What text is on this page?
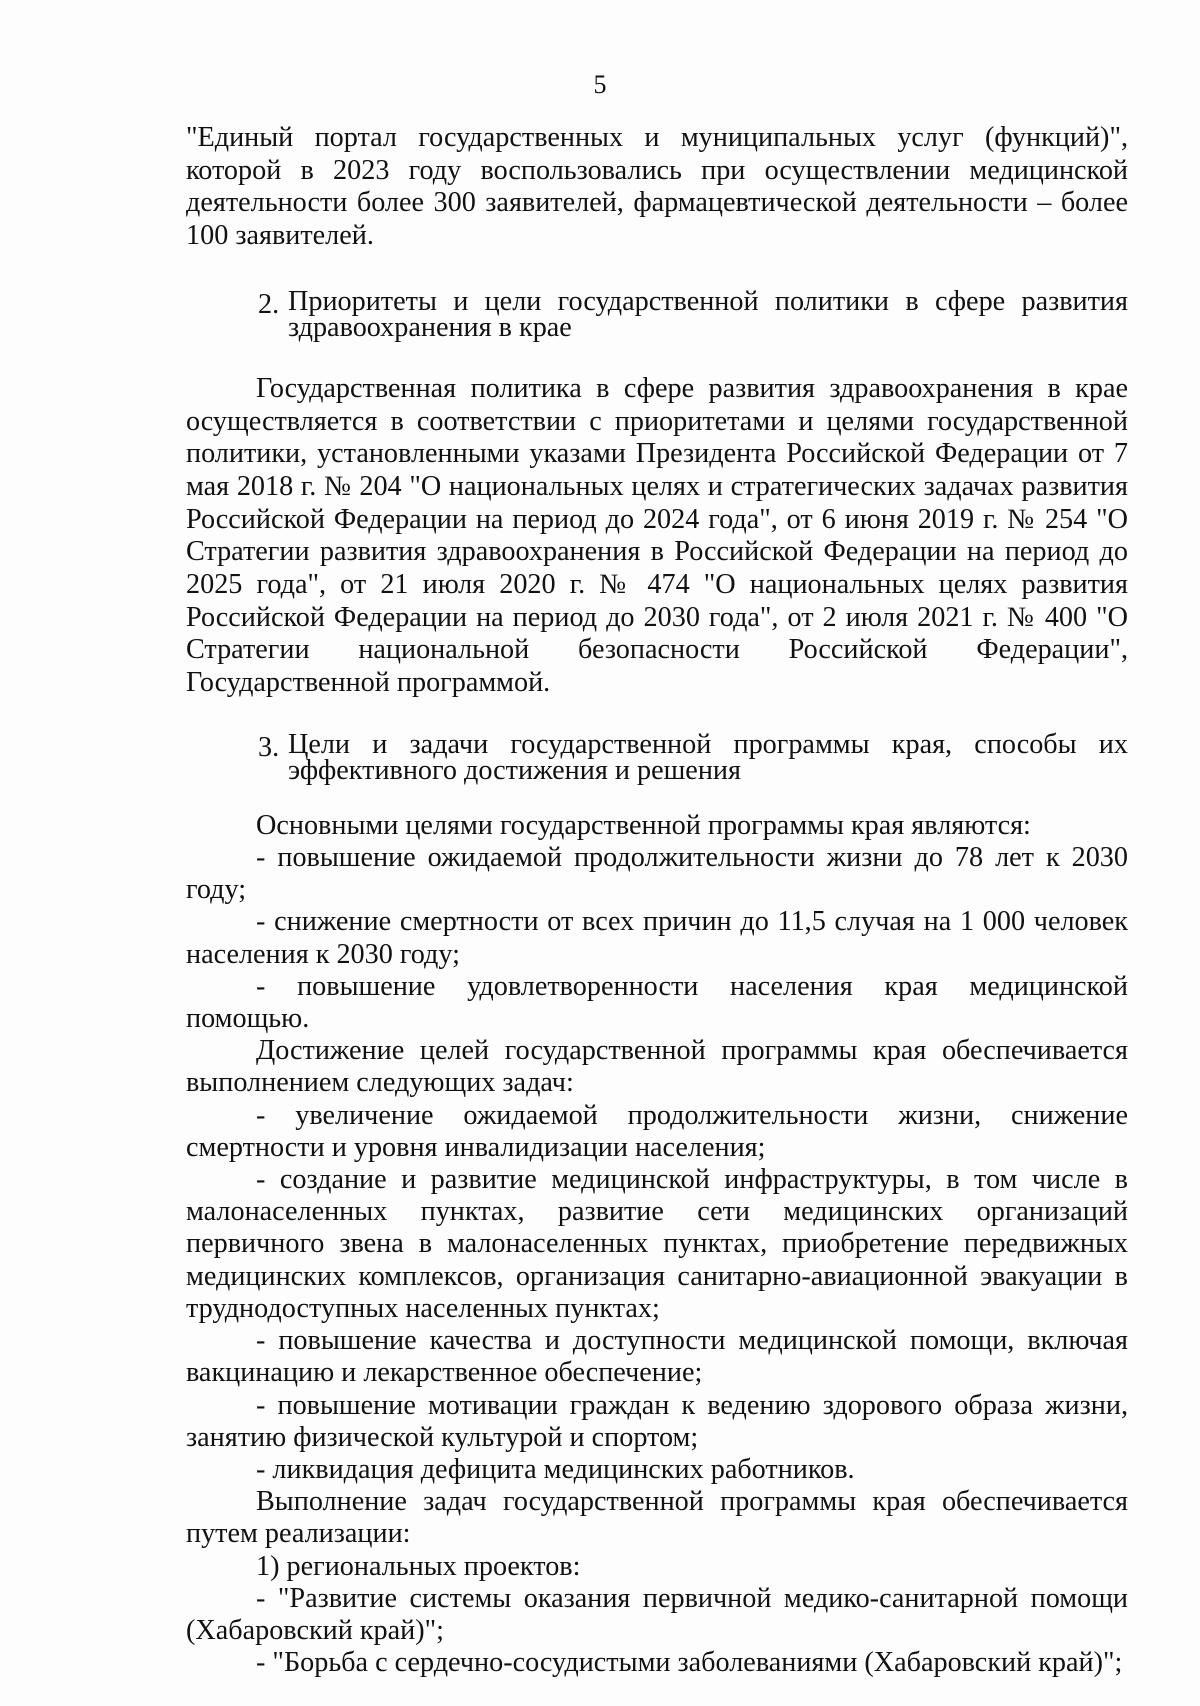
5

"Единый портал государственных и муниципальных услуг (функций)", которой в 2023 году воспользовались при осуществлении медицинской деятельности более 300 заявителей, фармацевтической деятельности – более 100 заявителей.

2. Приоритеты и цели государственной политики в сфере развития здравоохранения в крае

Государственная политика в сфере развития здравоохранения в крае осуществляется в соответствии с приоритетами и целями государственной политики, установленными указами Президента Российской Федерации от 7 мая 2018 г. № 204 "О национальных целях и стратегических задачах развития Российской Федерации на период до 2024 года", от 6 июня 2019 г. № 254 "О Стратегии развития здравоохранения в Российской Федерации на период до 2025 года", от 21 июля 2020 г. № 474 "О национальных целях развития Российской Федерации на период до 2030 года", от 2 июля 2021 г. № 400 "О Стратегии национальной безопасности Российской Федерации", Государственной программой.

3. Цели и задачи государственной программы края, способы их эффективного достижения и решения

Основными целями государственной программы края являются:

- повышение ожидаемой продолжительности жизни до 78 лет к 2030 году;

- снижение смертности от всех причин до 11,5 случая на 1 000 человек населения к 2030 году;

- повышение удовлетворенности населения края медицинской помощью.

Достижение целей государственной программы края обеспечивается выполнением следующих задач:

- увеличение ожидаемой продолжительности жизни, снижение смертности и уровня инвалидизации населения;

- создание и развитие медицинской инфраструктуры, в том числе в малонаселенных пунктах, развитие сети медицинских организаций первичного звена в малонаселенных пунктах, приобретение передвижных медицинских комплексов, организация санитарно-авиационной эвакуации в труднодоступных населенных пунктах;

- повышение качества и доступности медицинской помощи, включая вакцинацию и лекарственное обеспечение;

- повышение мотивации граждан к ведению здорового образа жизни, занятию физической культурой и спортом;

- ликвидация дефицита медицинских работников.

Выполнение задач государственной программы края обеспечивается путем реализации:

1) региональных проектов:

- "Развитие системы оказания первичной медико-санитарной помощи (Хабаровский край)";

- "Борьба с сердечно-сосудистыми заболеваниями (Хабаровский край)";
